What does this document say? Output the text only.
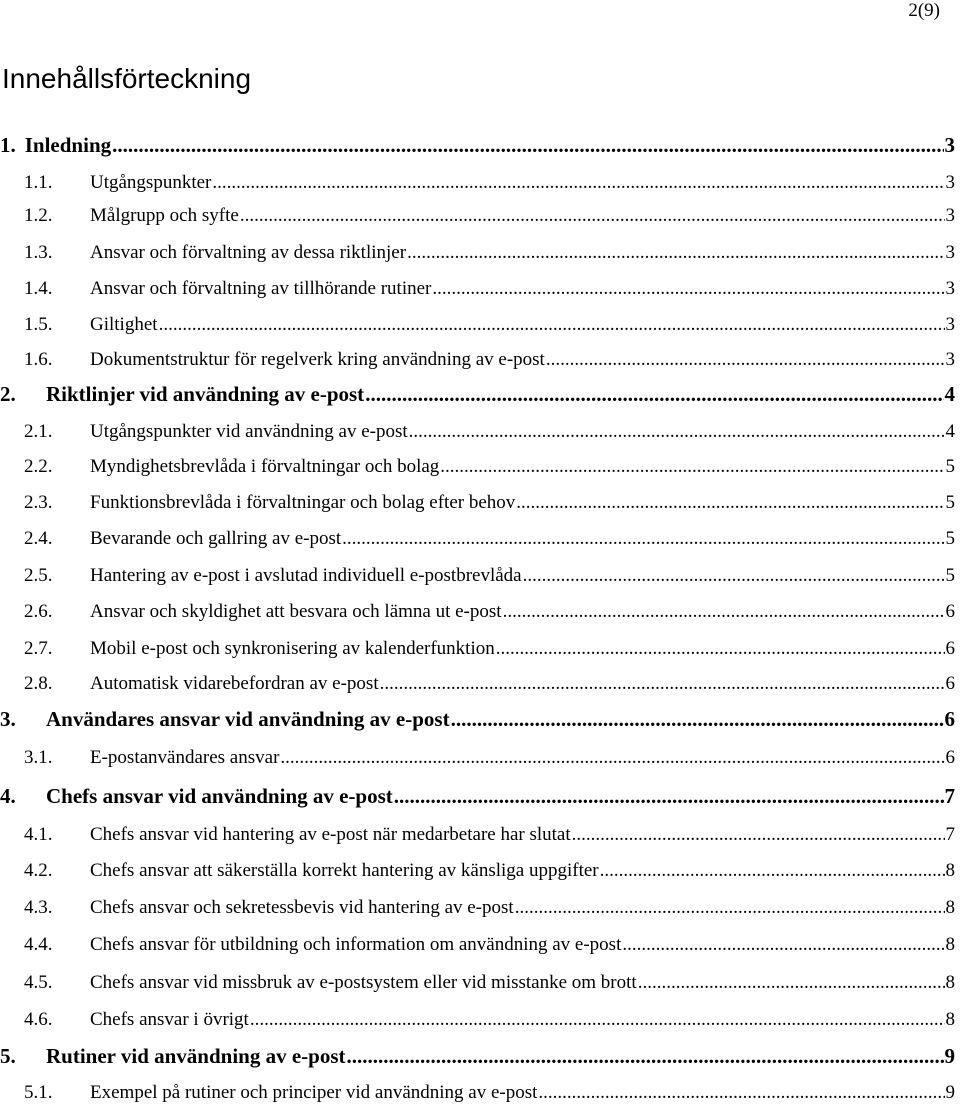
2(9)
Innehållsförteckning
1. Inledning .....	3
1.1.	Utgångspunkter .....	3
1.2.	Målgrupp och syfte .....	3
1.3.	Ansvar och förvaltning av dessa riktlinjer .....	3
1.4.	Ansvar och förvaltning av tillhörande rutiner .....	3
1.5.	Giltighet .....	3
1.6.	Dokumentstruktur för regelverk kring användning av e-post .....	3
2.	Riktlinjer vid användning av e-post .....	4
2.1.	Utgångspunkter vid användning av e-post .....	4
2.2.	Myndighetsbrevlåda i förvaltningar och bolag .....	5
2.3.	Funktionsbrevlåda i förvaltningar och bolag efter behov .....	5
2.4.	Bevarande och gallring av e-post .....	5
2.5.	Hantering av e-post i avslutad individuell e-postbrevlåda .....	5
2.6.	Ansvar och skyldighet att besvara och lämna ut e-post .....	6
2.7.	Mobil e-post och synkronisering av kalenderfunktion .....	6
2.8.	Automatisk vidarebefordran av e-post .....	6
3.	Användares ansvar vid användning av e-post .....	6
3.1.	E-postanvändares ansvar .....	6
4.	Chefs ansvar vid användning av e-post .....	7
4.1.	Chefs ansvar vid hantering av e-post när medarbetare har slutat .....	7
4.2.	Chefs ansvar att säkerställa korrekt hantering av känsliga uppgifter .....	8
4.3.	Chefs ansvar och sekretessbevis vid hantering av e-post .....	8
4.4.	Chefs ansvar för utbildning och information om användning av e-post .....	8
4.5.	Chefs ansvar vid missbruk av e-postsystem eller vid misstanke om brott .....	8
4.6.	Chefs ansvar i övrigt .....	8
5.	Rutiner vid användning av e-post .....	9
5.1.	Exempel på rutiner och principer vid användning av e-post .....	9
